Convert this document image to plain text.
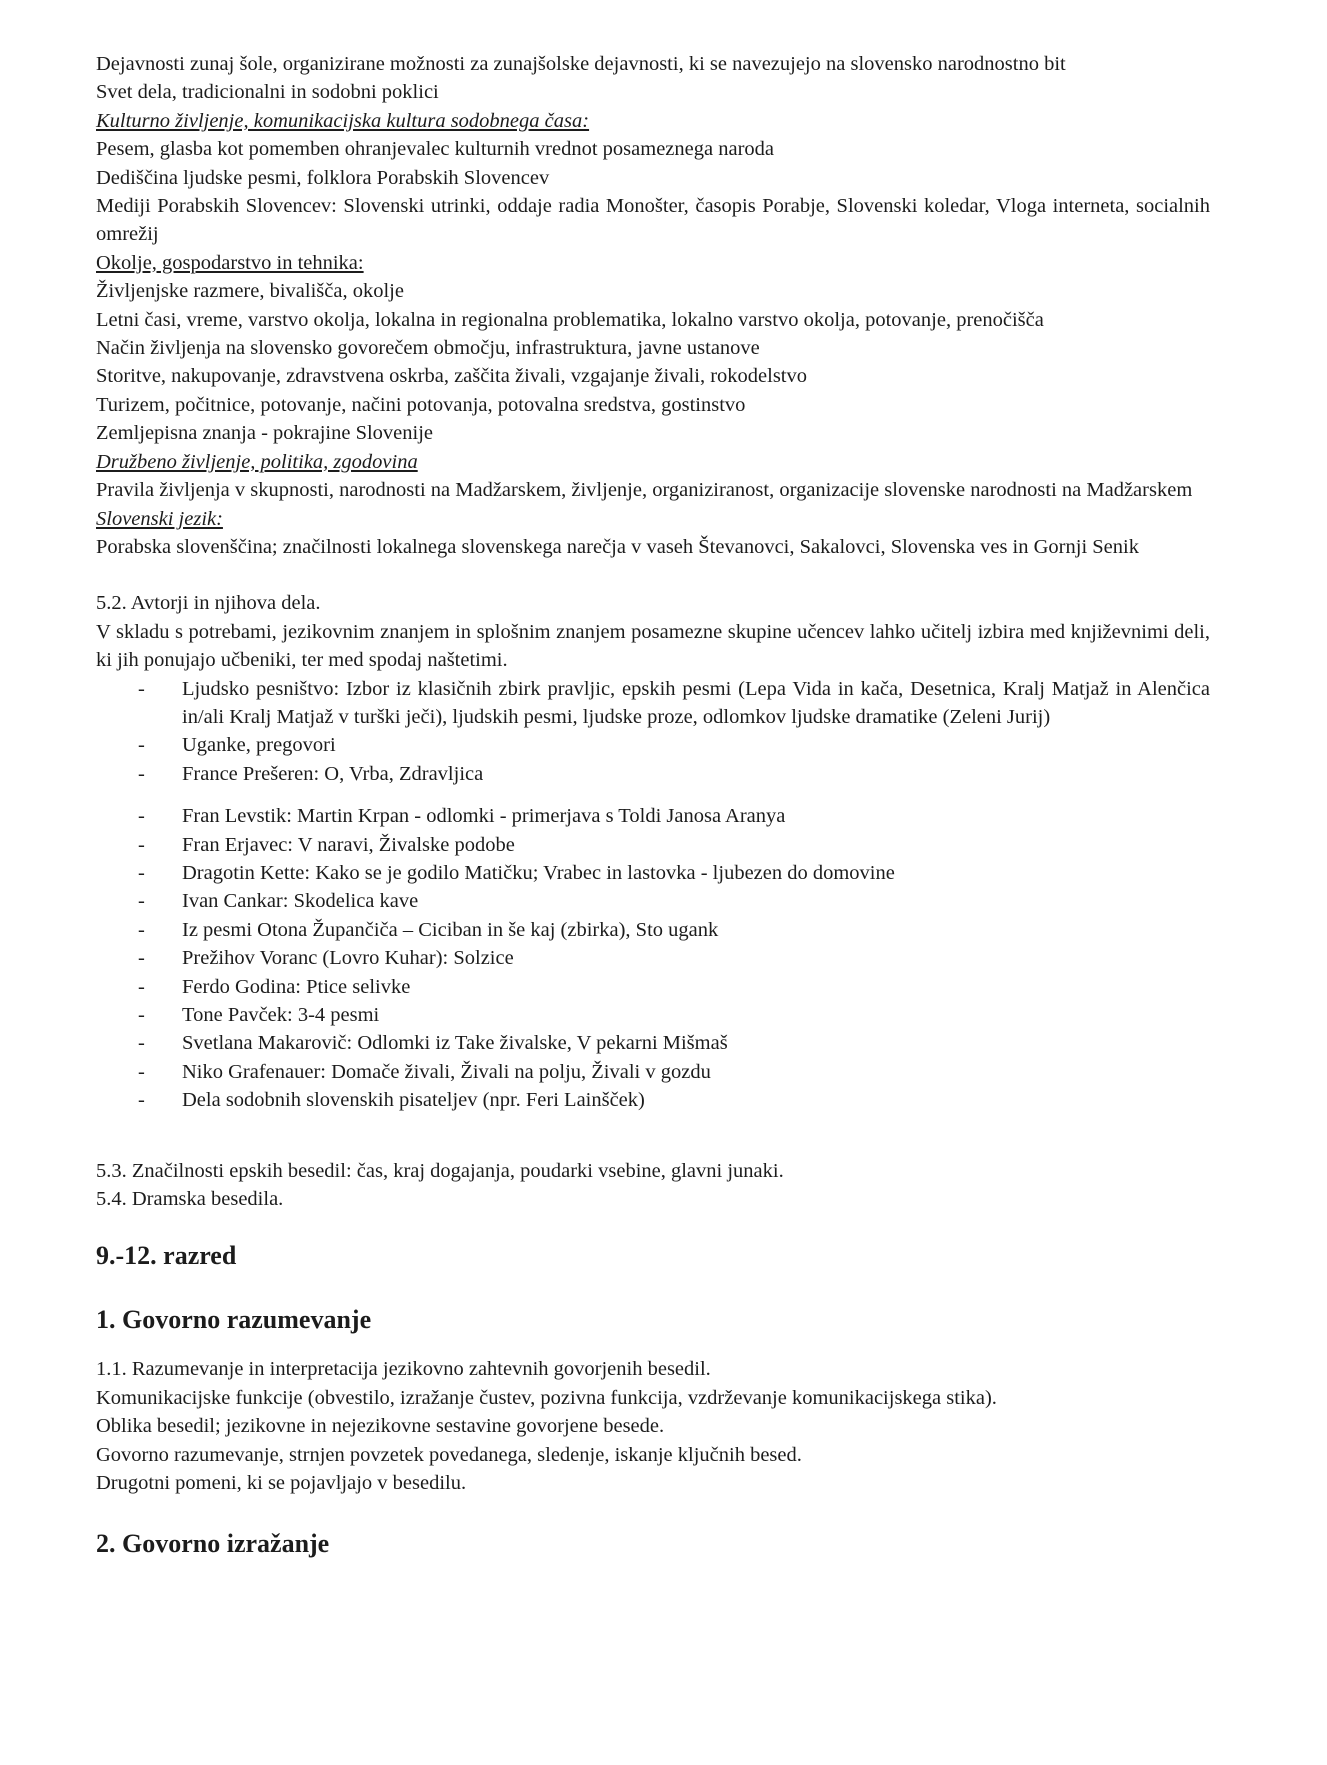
Dejavnosti zunaj šole, organizirane možnosti za zunajšolske dejavnosti, ki se navezujejo na slovensko narodnostno bit

Svet dela, tradicionalni in sodobni poklici

Kulturno življenje, komunikacijska kultura sodobnega časa:

Pesem, glasba kot pomemben ohranjevalec kulturnih vrednot posameznega naroda

Dediščina ljudske pesmi, folklora Porabskih Slovencev

Mediji Porabskih Slovencev: Slovenski utrinki, oddaje radia Monošter, časopis Porabje, Slovenski koledar, Vloga interneta, socialnih omrežij

Okolje, gospodarstvo in tehnika:

Življenjske razmere, bivališča, okolje

Letni časi, vreme, varstvo okolja, lokalna in regionalna problematika, lokalno varstvo okolja, potovanje, prenočišča

Način življenja na slovensko govorečem območju, infrastruktura, javne ustanove

Storitve, nakupovanje, zdravstvena oskrba, zaščita živali, vzgajanje živali, rokodelstvo

Turizem, počitnice, potovanje, načini potovanja, potovalna sredstva, gostinstvo

Zemljepisna znanja - pokrajine Slovenije

Družbeno življenje, politika, zgodovina

Pravila življenja v skupnosti, narodnosti na Madžarskem, življenje, organiziranost, organizacije slovenske narodnosti na Madžarskem

Slovenski jezik:

Porabska slovenščina; značilnosti lokalnega slovenskega narečja v vaseh Števanovci, Sakalovci, Slovenska ves in Gornji Senik

5.2. Avtorji in njihova dela.

V skladu s potrebami, jezikovnim znanjem in splošnim znanjem posamezne skupine učencev lahko učitelj izbira med književnimi deli, ki jih ponujajo učbeniki, ter med spodaj naštetimi.

- Ljudsko pesništvo: Izbor iz klasičnih zbirk pravljic, epskih pesmi (Lepa Vida in kača, Desetnica, Kralj Matjaž in Alenčica in/ali Kralj Matjaž v turški ječi), ljudskih pesmi, ljudske proze, odlomkov ljudske dramatike (Zeleni Jurij)
- Uganke, pregovori
- France Prešeren: O, Vrba, Zdravljica
- Fran Levstik: Martin Krpan - odlomki - primerjava s Toldi Janosa Aranya
- Fran Erjavec: V naravi, Živalske podobe
- Dragotin Kette: Kako se je godilo Matičku; Vrabec in lastovka - ljubezen do domovine
- Ivan Cankar: Skodelica kave
- Iz pesmi Otona Župančiča – Ciciban in še kaj (zbirka), Sto ugank
- Prežihov Voranc (Lovro Kuhar): Solzice
- Ferdo Godina: Ptice selivke
- Tone Pavček: 3-4 pesmi
- Svetlana Makarovič: Odlomki iz Take živalske, V pekarni Mišmaš
- Niko Grafenauer: Domače živali, Živali na polju, Živali v gozdu
- Dela sodobnih slovenskih pisateljev (npr. Feri Lainšček)

5.3. Značilnosti epskih besedil: čas, kraj dogajanja, poudarki vsebine, glavni junaki.

5.4. Dramska besedila.

9.-12. razred

1. Govorno razumevanje

1.1. Razumevanje in interpretacija jezikovno zahtevnih govorjenih besedil.

Komunikacijske funkcije (obvestilo, izražanje čustev, pozivna funkcija, vzdrževanje komunikacijskega stika).

Oblika besedil; jezikovne in nejezikovne sestavine govorjene besede.

Govorno razumevanje, strnjen povzetek povedanega, sledenje, iskanje ključnih besed.

Drugotni pomeni, ki se pojavljajo v besedilu.

2. Govorno izražanje
